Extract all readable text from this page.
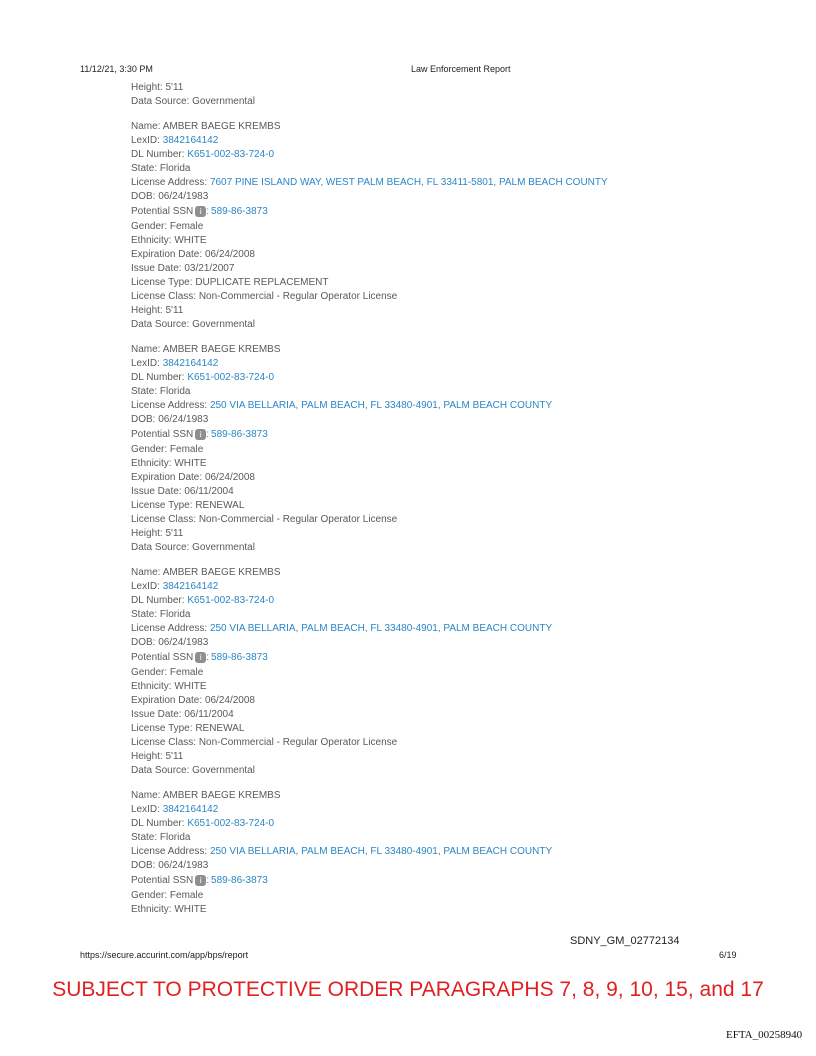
11/12/21, 3:30 PM	Law Enforcement Report
Height: 5'11
Data Source: Governmental
Name: AMBER BAEGE KREMBS
LexID: 3842164142
DL Number: K651-002-83-724-0
State: Florida
License Address: 7607 PINE ISLAND WAY, WEST PALM BEACH, FL 33411-5801, PALM BEACH COUNTY
DOB: 06/24/1983
Potential SSN i : 589-86-3873
Gender: Female
Ethnicity: WHITE
Expiration Date: 06/24/2008
Issue Date: 03/21/2007
License Type: DUPLICATE REPLACEMENT
License Class: Non-Commercial - Regular Operator License
Height: 5'11
Data Source: Governmental
Name: AMBER BAEGE KREMBS
LexID: 3842164142
DL Number: K651-002-83-724-0
State: Florida
License Address: 250 VIA BELLARIA, PALM BEACH, FL 33480-4901, PALM BEACH COUNTY
DOB: 06/24/1983
Potential SSN i : 589-86-3873
Gender: Female
Ethnicity: WHITE
Expiration Date: 06/24/2008
Issue Date: 06/11/2004
License Type: RENEWAL
License Class: Non-Commercial - Regular Operator License
Height: 5'11
Data Source: Governmental
Name: AMBER BAEGE KREMBS
LexID: 3842164142
DL Number: K651-002-83-724-0
State: Florida
License Address: 250 VIA BELLARIA, PALM BEACH, FL 33480-4901, PALM BEACH COUNTY
DOB: 06/24/1983
Potential SSN i : 589-86-3873
Gender: Female
Ethnicity: WHITE
Expiration Date: 06/24/2008
Issue Date: 06/11/2004
License Type: RENEWAL
License Class: Non-Commercial - Regular Operator License
Height: 5'11
Data Source: Governmental
Name: AMBER BAEGE KREMBS
LexID: 3842164142
DL Number: K651-002-83-724-0
State: Florida
License Address: 250 VIA BELLARIA, PALM BEACH, FL 33480-4901, PALM BEACH COUNTY
DOB: 06/24/1983
Potential SSN i : 589-86-3873
Gender: Female
Ethnicity: WHITE
SDNY_GM_02772134
https://secure.accurint.com/app/bps/report	6/19
SUBJECT TO PROTECTIVE ORDER PARAGRAPHS 7, 8, 9, 10, 15, and 17
EFTA_00258940
